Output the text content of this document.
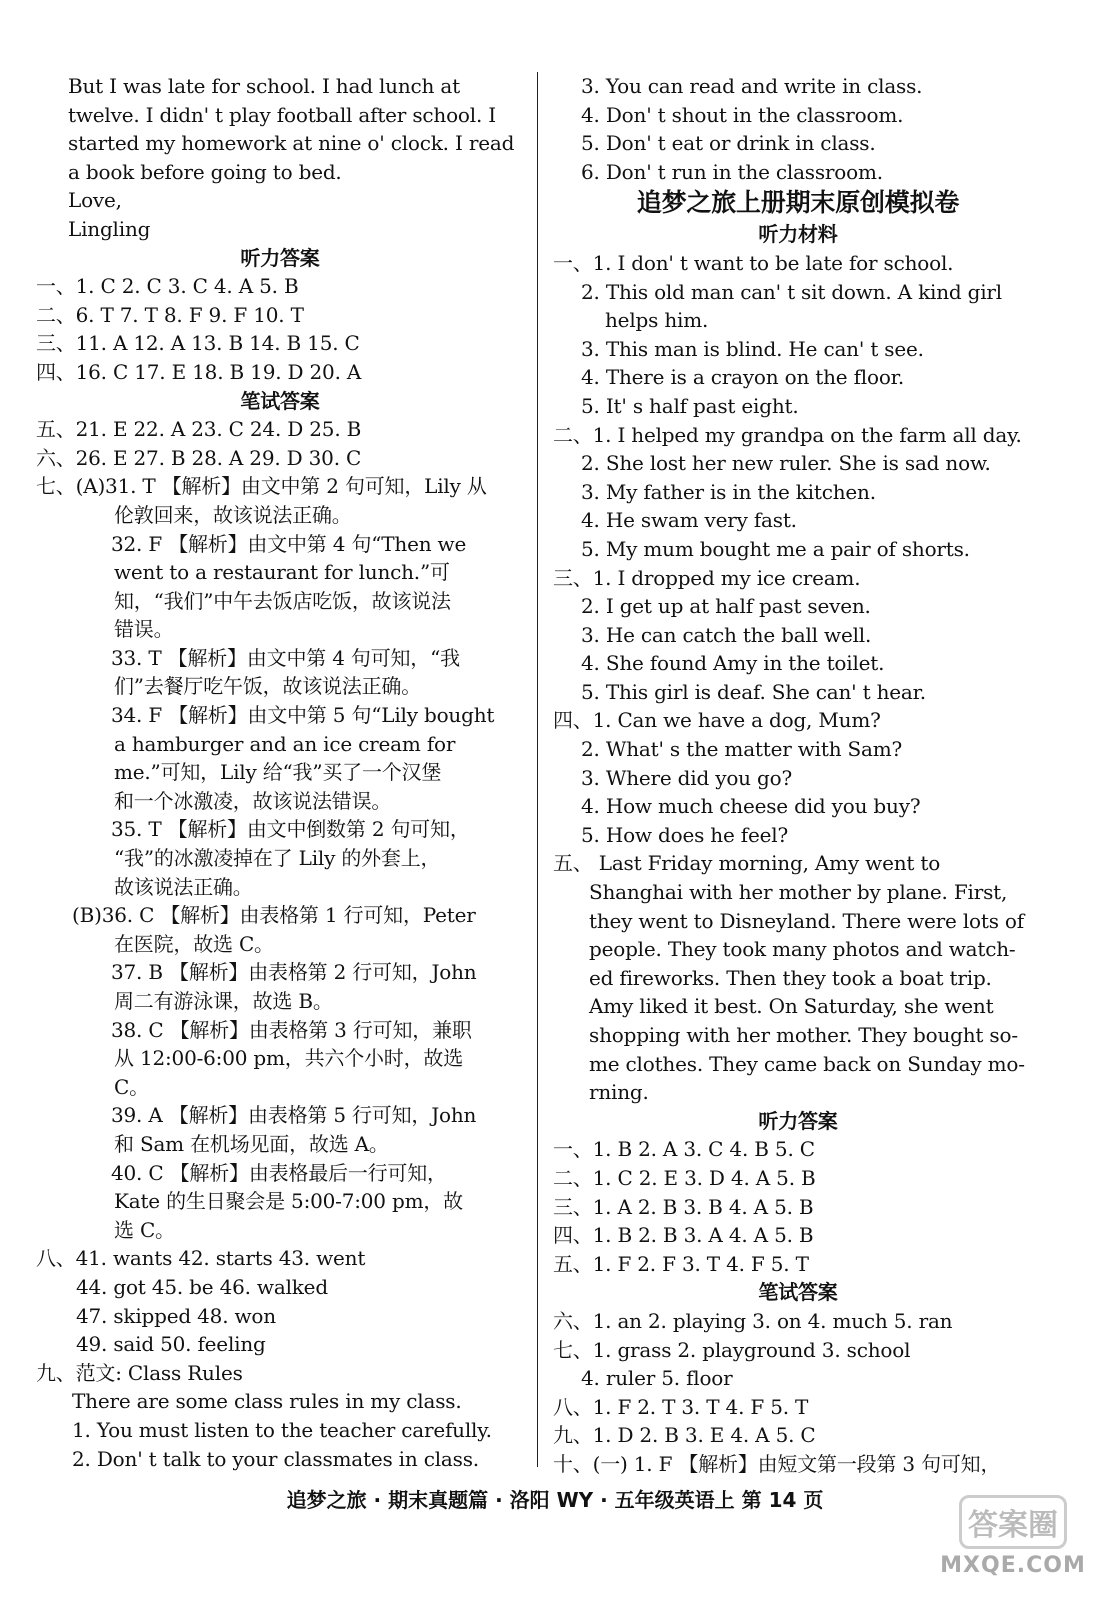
But I was late for school. I had lunch at
twelve. I didn' t play football after school. I
started my homework at nine o' clock. I read
a book before going to bed.
Love,
Lingling
听力答案
一、1. C 2. C 3. C 4. A 5. B
二、6. T 7. T 8. F 9. F 10. T
三、11. A 12. A 13. B 14. B 15. C
四、16. C 17. E 18. B 19. D 20. A
笔试答案
五、21. E 22. A 23. C 24. D 25. B
六、26. E 27. B 28. A 29. D 30. C
七、(A)31. T 【解析】由文中第 2 句可知，Lily 从
伦敦回来，故该说法正确。
32. F 【解析】由文中第 4 句“Then we
went to a restaurant for lunch.”可
知，“我们”中午去饭店吃饭，故该说法
错误。
33. T 【解析】由文中第 4 句可知，“我
们”去餐厅吃午饭，故该说法正确。
34. F 【解析】由文中第 5 句“Lily bought
a hamburger and an ice cream for
me.”可知，Lily 给“我”买了一个汉堡
和一个冰激凌，故该说法错误。
35. T 【解析】由文中倒数第 2 句可知，
“我”的冰激凌掉在了 Lily 的外套上，
故该说法正确。
(B)36. C 【解析】由表格第 1 行可知，Peter
在医院，故选 C。
37. B 【解析】由表格第 2 行可知，John
周二有游泳课，故选 B。
38. C 【解析】由表格第 3 行可知，兼职
从 12:00-6:00 pm，共六个小时，故选
C。
39. A 【解析】由表格第 5 行可知，John
和 Sam 在机场见面，故选 A。
40. C 【解析】由表格最后一行可知，
Kate 的生日聚会是 5:00-7:00 pm，故
选 C。
八、41. wants 42. starts 43. went
44. got 45. be 46. walked
47. skipped 48. won
49. said 50. feeling
九、范文: Class Rules
There are some class rules in my class.
1. You must listen to the teacher carefully.
2. Don' t talk to your classmates in class.
3. You can read and write in class.
4. Don' t shout in the classroom.
5. Don' t eat or drink in class.
6. Don' t run in the classroom.
追梦之旅上册期末原创模拟卷
听力材料
一、1. I don' t want to be late for school.
2. This old man can' t sit down. A kind girl
helps him.
3. This man is blind. He can' t see.
4. There is a crayon on the floor.
5. It' s half past eight.
二、1. I helped my grandpa on the farm all day.
2. She lost her new ruler. She is sad now.
3. My father is in the kitchen.
4. He swam very fast.
5. My mum bought me a pair of shorts.
三、1. I dropped my ice cream.
2. I get up at half past seven.
3. He can catch the ball well.
4. She found Amy in the toilet.
5. This girl is deaf. She can' t hear.
四、1. Can we have a dog, Mum?
2. What' s the matter with Sam?
3. Where did you go?
4. How much cheese did you buy?
5. How does he feel?
五、 Last Friday morning, Amy went to
Shanghai with her mother by plane. First,
they went to Disneyland. There were lots of
people. They took many photos and watch-
ed fireworks. Then they took a boat trip.
Amy liked it best. On Saturday, she went
shopping with her mother. They bought so-
me clothes. They came back on Sunday mo-
rning.
听力答案
一、1. B 2. A 3. C 4. B 5. C
二、1. C 2. E 3. D 4. A 5. B
三、1. A 2. B 3. B 4. A 5. B
四、1. B 2. B 3. A 4. A 5. B
五、1. F 2. F 3. T 4. F 5. T
笔试答案
六、1. an 2. playing 3. on 4. much 5. ran
七、1. grass 2. playground 3. school
4. ruler 5. floor
八、1. F 2. T 3. T 4. F 5. T
九、1. D 2. B 3. E 4. A 5. C
十、(一) 1. F 【解析】由短文第一段第 3 句可知，
追梦之旅 · 期末真题篇 · 洛阳 WY · 五年级英语上 第 14 页
答案圈
MXQE.COM
